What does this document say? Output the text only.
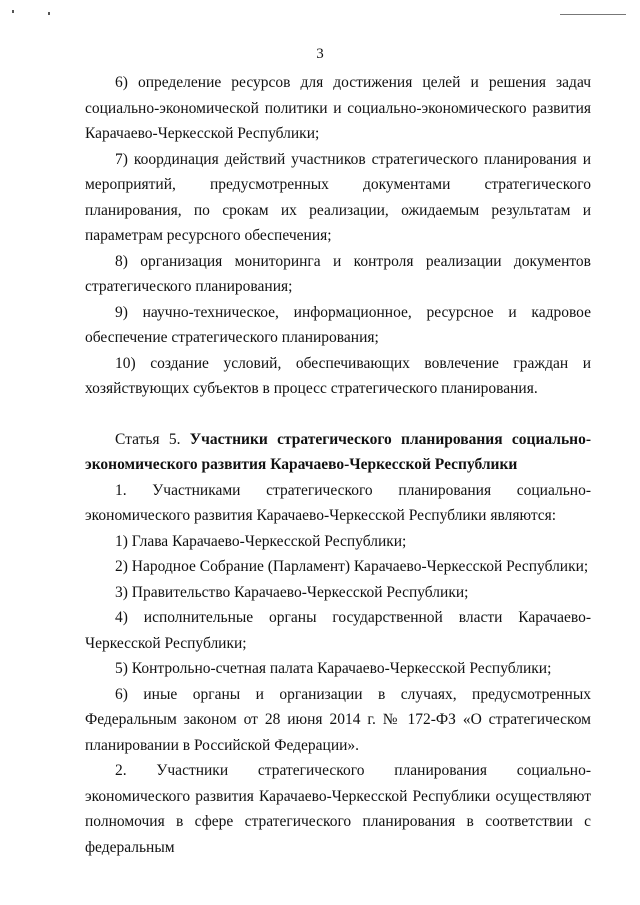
3

6) определение ресурсов для достижения целей и решения задач социально-экономической политики и социально-экономического развития Карачаево-Черкесской Республики;

7) координация действий участников стратегического планирования и мероприятий, предусмотренных документами стратегического планирования, по срокам их реализации, ожидаемым результатам и параметрам ресурсного обеспечения;

8) организация мониторинга и контроля реализации документов стратегического планирования;

9) научно-техническое, информационное, ресурсное и кадровое обеспечение стратегического планирования;

10) создание условий, обеспечивающих вовлечение граждан и хозяйствующих субъектов в процесс стратегического планирования.

Статья 5. Участники стратегического планирования социально-экономического развития Карачаево-Черкесской Республики

1. Участниками стратегического планирования социально-экономического развития Карачаево-Черкесской Республики являются:

1) Глава Карачаево-Черкесской Республики;

2) Народное Собрание (Парламент) Карачаево-Черкесской Республики;

3) Правительство Карачаево-Черкесской Республики;

4) исполнительные органы государственной власти Карачаево-Черкесской Республики;

5) Контрольно-счетная палата Карачаево-Черкесской Республики;

6) иные органы и организации в случаях, предусмотренных Федеральным законом от 28 июня 2014 г. № 172-ФЗ «О стратегическом планировании в Российской Федерации».

2. Участники стратегического планирования социально-экономического развития Карачаево-Черкесской Республики осуществляют полномочия в сфере стратегического планирования в соответствии с федеральным
